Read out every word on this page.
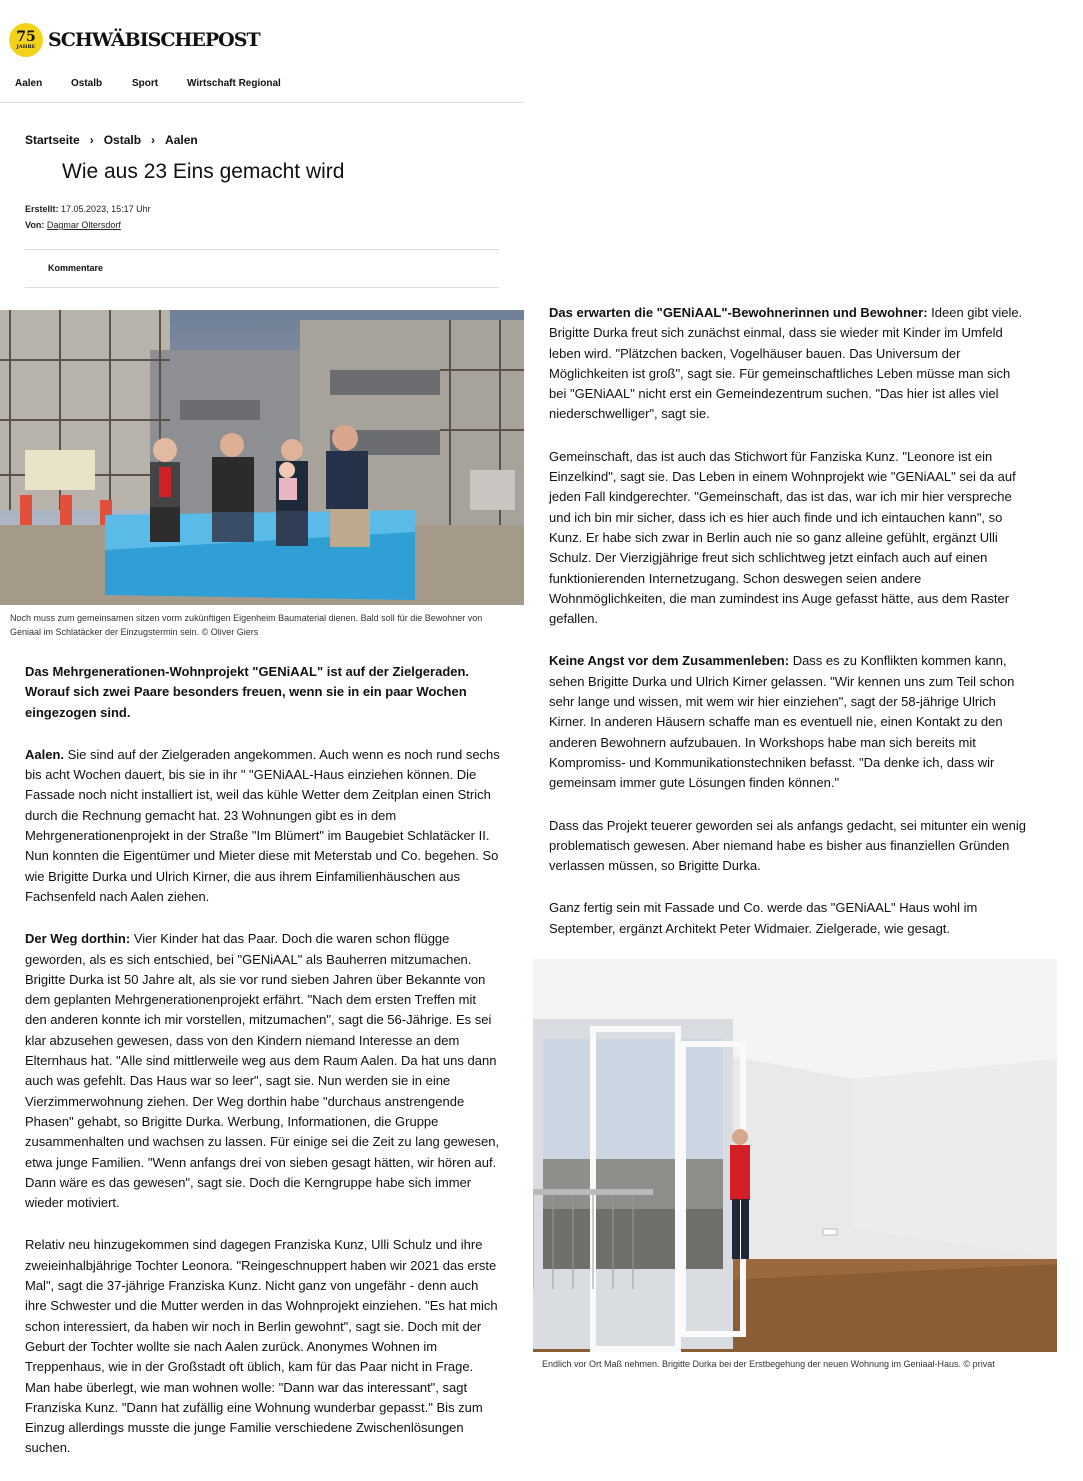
75
JAHRE SCHWÄBISCHEPOST
Aalen	Ostalb	Sport	Wirtschaft Regional
Startseite › Ostalb › Aalen
Wie aus 23 Eins gemacht wird
Erstellt: 17.05.2023, 15:17 Uhr
Von: Dagmar Oltersdorf
Kommentare
Noch muss zum gemeinsamen sitzen vorm zukünftigen Eigenheim Baumaterial dienen. Bald soll für die Bewohner von Geniaal im Schlatäcker der Einzugstermin sein. © Oliver Giers

Das Mehrgenerationen-Wohnprojekt "GENiAAL" ist auf der Zielgeraden. Worauf sich zwei Paare besonders freuen, wenn sie in ein paar Wochen eingezogen sind.

Aalen. Sie sind auf der Zielgeraden angekommen. Auch wenn es noch rund sechs bis acht Wochen dauert, bis sie in ihr " "GENiAAL-Haus einziehen können. Die Fassade noch nicht installiert ist, weil das kühle Wetter dem Zeitplan einen Strich durch die Rechnung gemacht hat. 23 Wohnungen gibt es in dem Mehrgenerationenprojekt in der Straße "Im Blümert" im Baugebiet Schlatäcker II. Nun konnten die Eigentümer und Mieter diese mit Meterstab und Co. begehen. So wie Brigitte Durka und Ulrich Kirner, die aus ihrem Einfamilienhäuschen aus Fachsenfeld nach Aalen ziehen.

Der Weg dorthin: Vier Kinder hat das Paar. Doch die waren schon flügge geworden, als es sich entschied, bei "GENiAAL" als Bauherren mitzumachen. Brigitte Durka ist 50 Jahre alt, als sie vor rund sieben Jahren über Bekannte von dem geplanten Mehrgenerationenprojekt erfährt. "Nach dem ersten Treffen mit den anderen konnte ich mir vorstellen, mitzumachen", sagt die 56-Jährige. Es sei klar abzusehen gewesen, dass von den Kindern niemand Interesse an dem Elternhaus hat. "Alle sind mittlerweile weg aus dem Raum Aalen. Da hat uns dann auch was gefehlt. Das Haus war so leer", sagt sie. Nun werden sie in eine Vierzimmerwohnung ziehen. Der Weg dorthin habe "durchaus anstrengende Phasen" gehabt, so Brigitte Durka. Werbung, Informationen, die Gruppe zusammenhalten und wachsen zu lassen. Für einige sei die Zeit zu lang gewesen, etwa junge Familien. "Wenn anfangs drei von sieben gesagt hätten, wir hören auf. Dann wäre es das gewesen", sagt sie. Doch die Kerngruppe habe sich immer wieder motiviert.

Relativ neu hinzugekommen sind dagegen Franziska Kunz, Ulli Schulz und ihre zweieinhalbjährige Tochter Leonora. "Reingeschnuppert haben wir 2021 das erste Mal", sagt die 37-jährige Franziska Kunz. Nicht ganz von ungefähr - denn auch ihre Schwester und die Mutter werden in das Wohnprojekt einziehen. "Es hat mich schon interessiert, da haben wir noch in Berlin gewohnt", sagt sie. Doch mit der Geburt der Tochter wollte sie nach Aalen zurück. Anonymes Wohnen im Treppenhaus, wie in der Großstadt oft üblich, kam für das Paar nicht in Frage. Man habe überlegt, wie man wohnen wolle: "Dann war das interessant", sagt Franziska Kunz. "Dann hat zufällig eine Wohnung wunderbar gepasst." Bis zum Einzug allerdings musste die junge Familie verschiedene Zwischenlösungen suchen.

Das erwarten die "GENiAAL"-Bewohnerinnen und Bewohner: Ideen gibt viele. Brigitte Durka freut sich zunächst einmal, dass sie wieder mit Kinder im Umfeld leben wird. "Plätzchen backen, Vogelhäuser bauen. Das Universum der Möglichkeiten ist groß", sagt sie. Für gemeinschaftliches Leben müsse man sich bei "GENiAAL" nicht erst ein Gemeindezentrum suchen. "Das hier ist alles viel niederschwelliger", sagt sie.

Gemeinschaft, das ist auch das Stichwort für Fanziska Kunz. "Leonore ist ein Einzelkind", sagt sie. Das Leben in einem Wohnprojekt wie "GENiAAL" sei da auf jeden Fall kindgerechter. "Gemeinschaft, das ist das, war ich mir hier verspreche und ich bin mir sicher, dass ich es hier auch finde und ich eintauchen kann", so Kunz. Er habe sich zwar in Berlin auch nie so ganz alleine gefühlt, ergänzt Ulli Schulz. Der Vierzigjährige freut sich schlichtweg jetzt einfach auch auf einen funktionierenden Internetzugang. Schon deswegen seien andere Wohnmöglichkeiten, die man zumindest ins Auge gefasst hätte, aus dem Raster gefallen.

Keine Angst vor dem Zusammenleben: Dass es zu Konflikten kommen kann, sehen Brigitte Durka und Ulrich Kirner gelassen. "Wir kennen uns zum Teil schon sehr lange und wissen, mit wem wir hier einziehen", sagt der 58-jährige Ulrich Kirner. In anderen Häusern schaffe man es eventuell nie, einen Kontakt zu den anderen Bewohnern aufzubauen. In Workshops habe man sich bereits mit Kompromiss- und Kommunikationstechniken befasst. "Da denke ich, dass wir gemeinsam immer gute Lösungen finden können."

Dass das Projekt teuerer geworden sei als anfangs gedacht, sei mitunter ein wenig problematisch gewesen. Aber niemand habe es bisher aus finanziellen Gründen verlassen müssen, so Brigitte Durka.

Ganz fertig sein mit Fassade und Co. werde das "GENiAAL" Haus wohl im September, ergänzt Architekt Peter Widmaier. Zielgerade, wie gesagt.

Endlich vor Ort Maß nehmen. Brigitte Durka bei der Erstbegehung der neuen Wohnung im Geniaal-Haus. © privat
